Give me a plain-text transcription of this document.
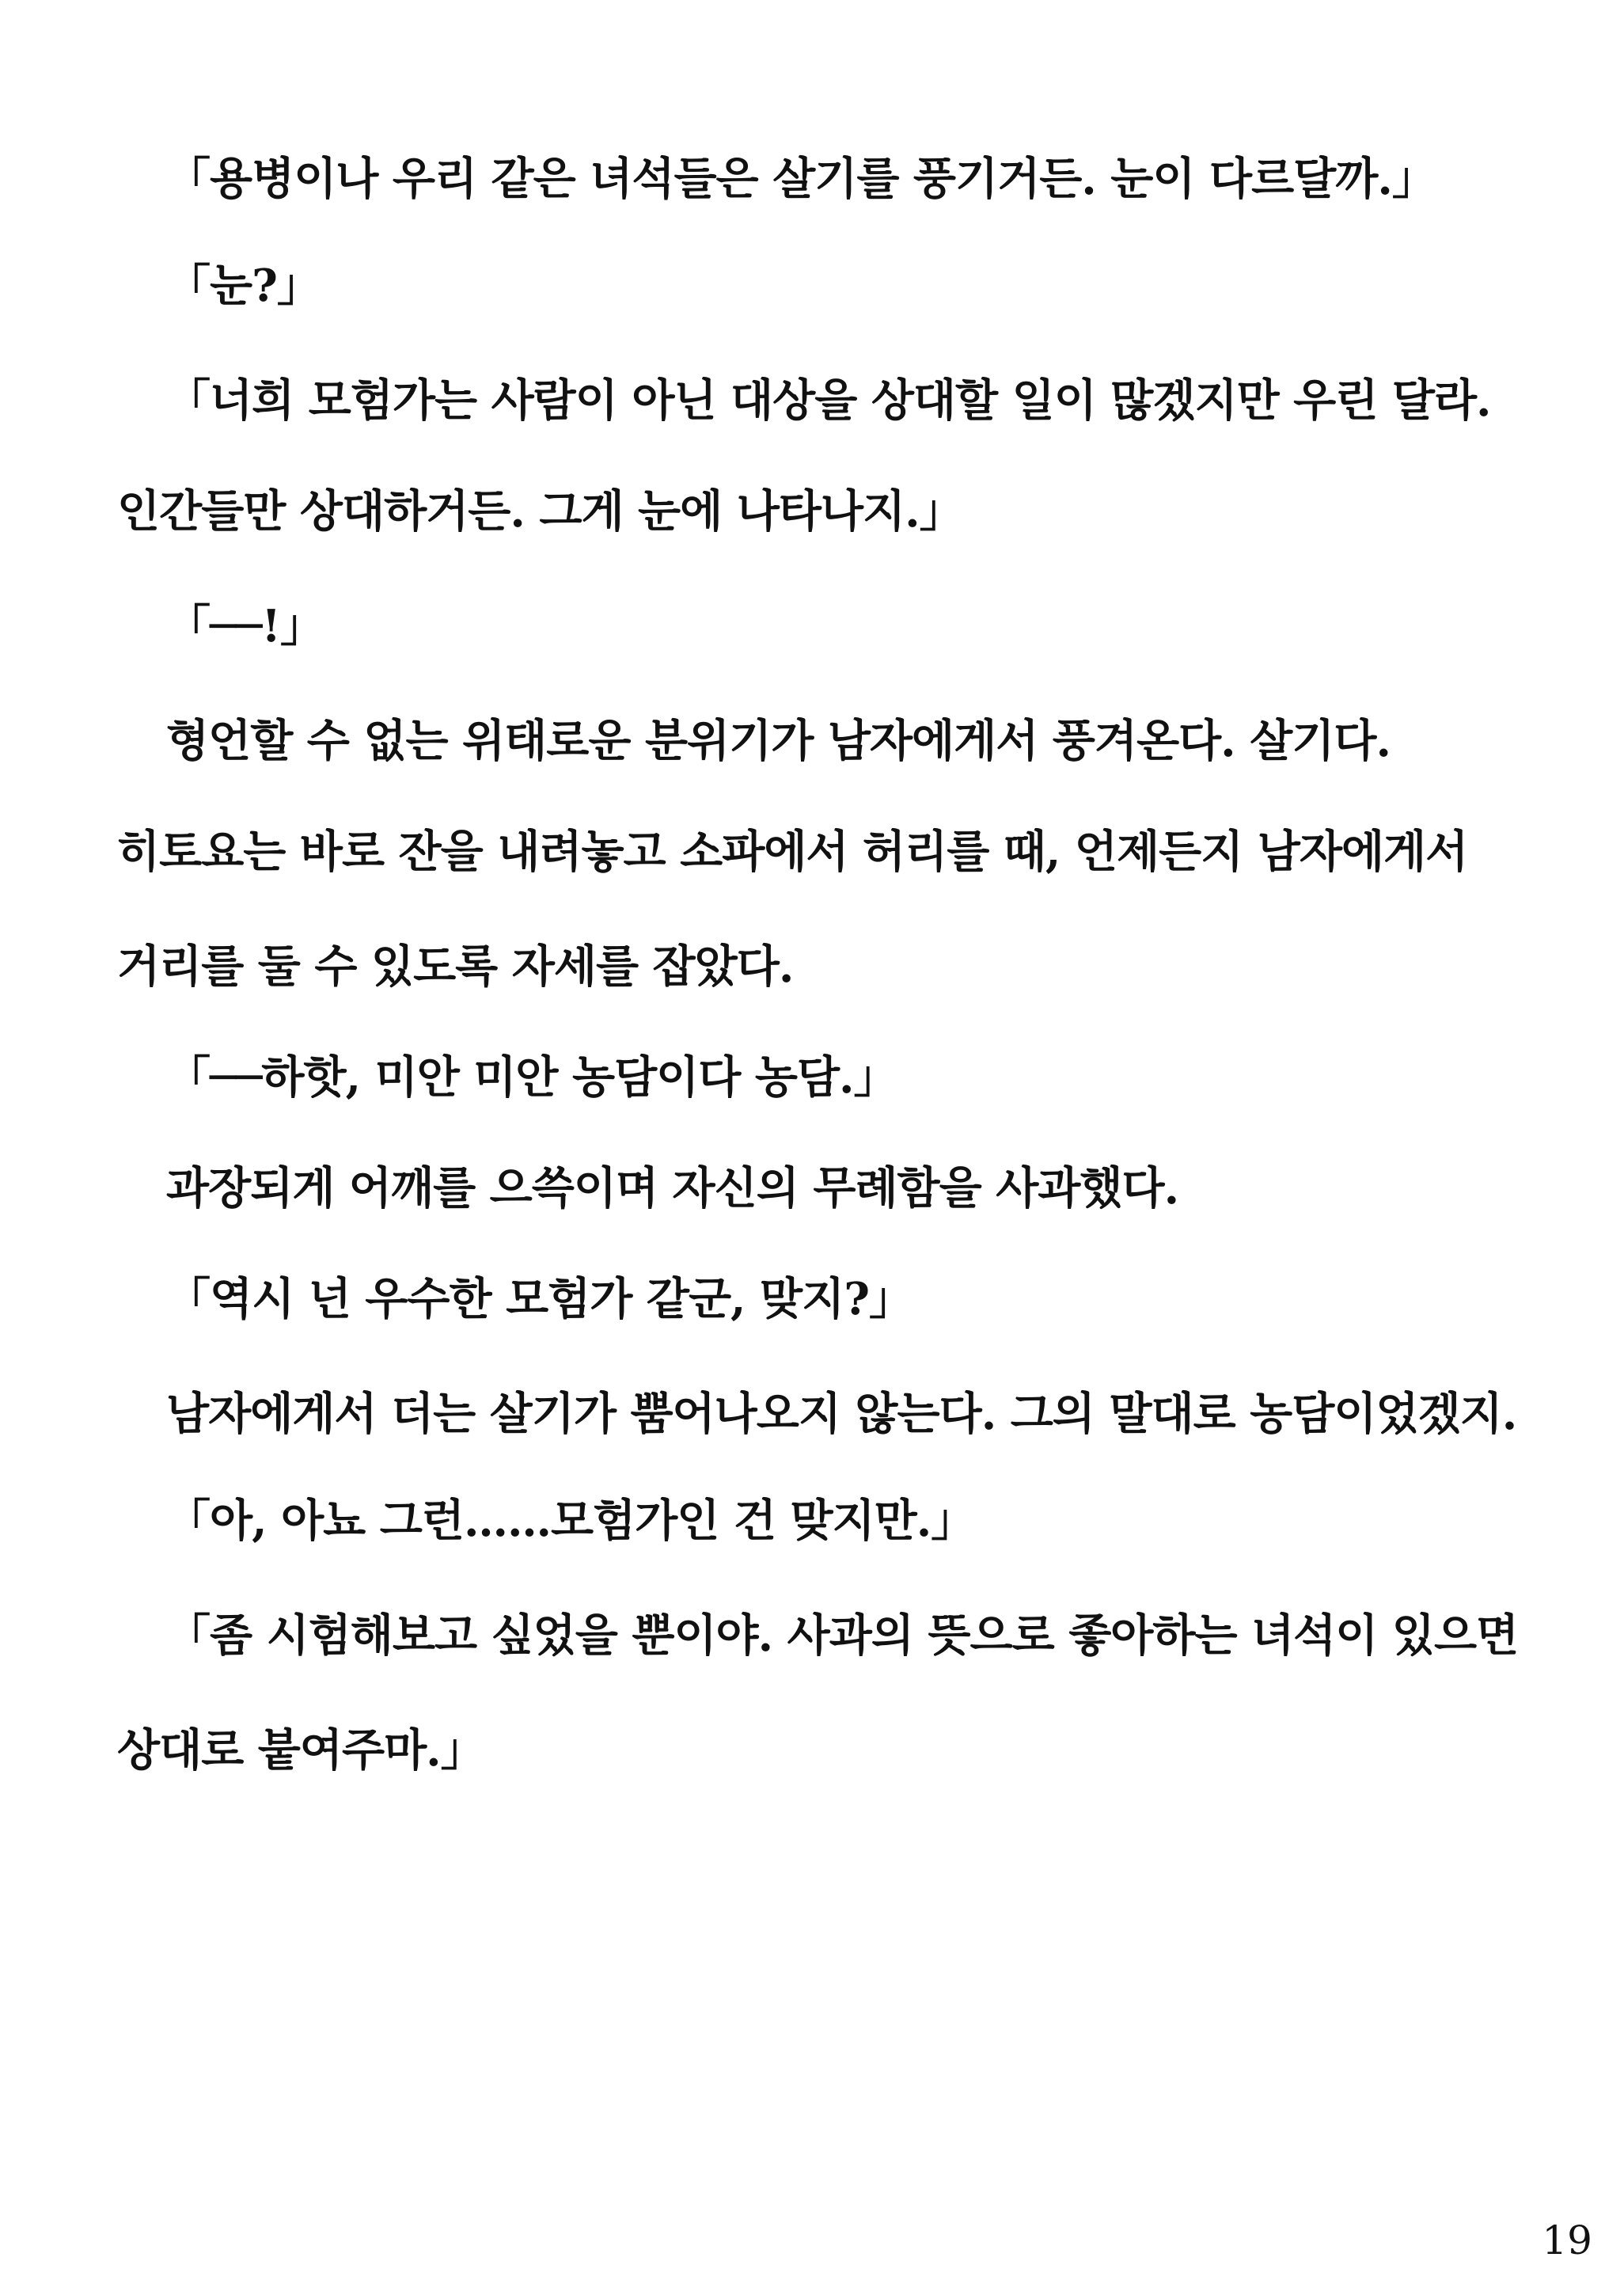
「용병이나 우리 같은 녀석들은 살기를 풍기거든. 눈이 다르달까.」
「눈?」
「너희 모험가는 사람이 아닌 대상을 상대할 일이 많겠지만 우린 달라.
인간들만 상대하거든. 그게 눈에 나타나지.」
「──!」
형언할 수 없는 위태로운 분위기가 남자에게서 풍겨온다. 살기다.
히토요는 바로 잔을 내려놓고 소파에서 허리를 때, 언제든지 남자에게서
거리를 둘 수 있도록 자세를 잡았다.
「──하핫, 미안 미안 농담이다 농담.」
과장되게 어깨를 으쓱이며 자신의 무례함을 사과했다.
「역시 넌 우수한 모험가 같군, 맞지?」
남자에게서 더는 살기가 뿜어나오지 않는다. 그의 말대로 농담이었겠지.
「아, 아뇨 그런……모험가인 건 맞지만.」
「좀 시험해보고 싶었을 뿐이야. 사과의 뜻으로 좋아하는 녀석이 있으면
상대로 붙여주마.」
19
